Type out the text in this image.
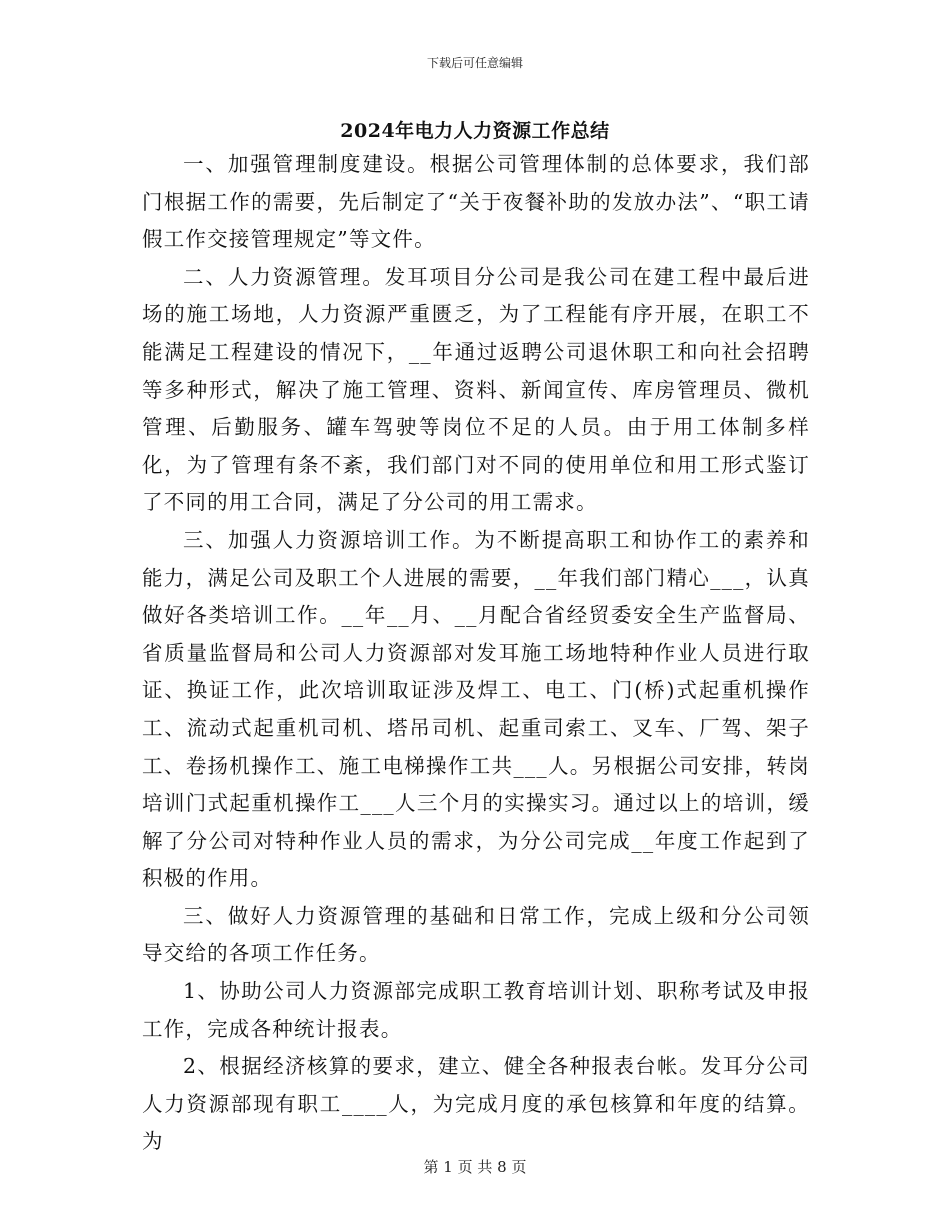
下载后可任意编辑
2024年电力人力资源工作总结

一、加强管理制度建设。根据公司管理体制的总体要求，我们部门根据工作的需要，先后制定了“关于夜餐补助的发放办法”、“职工请假工作交接管理规定”等文件。

二、人力资源管理。发耳项目分公司是我公司在建工程中最后进场的施工场地，人力资源严重匮乏，为了工程能有序开展，在职工不能满足工程建设的情况下，__年通过返聘公司退休职工和向社会招聘等多种形式，解决了施工管理、资料、新闻宣传、库房管理员、微机管理、后勤服务、罐车驾驶等岗位不足的人员。由于用工体制多样化，为了管理有条不紊，我们部门对不同的使用单位和用工形式鉴订了不同的用工合同，满足了分公司的用工需求。

三、加强人力资源培训工作。为不断提高职工和协作工的素养和能力，满足公司及职工个人进展的需要，__年我们部门精心___，认真做好各类培训工作。__年__月、__月配合省经贸委安全生产监督局、省质量监督局和公司人力资源部对发耳施工场地特种作业人员进行取证、换证工作，此次培训取证涉及焊工、电工、门(桥)式起重机操作工、流动式起重机司机、塔吊司机、起重司索工、叉车、厂驾、架子工、卷扬机操作工、施工电梯操作工共___人。另根据公司安排，转岗培训门式起重机操作工___人三个月的实操实习。通过以上的培训，缓解了分公司对特种作业人员的需求，为分公司完成__年度工作起到了积极的作用。

三、做好人力资源管理的基础和日常工作，完成上级和分公司领导交给的各项工作任务。

1、协助公司人力资源部完成职工教育培训计划、职称考试及申报工作，完成各种统计报表。

2、根据经济核算的要求，建立、健全各种报表台帐。发耳分公司人力资源部现有职工____人，为完成月度的承包核算和年度的结算。为

第 1 页 共 8 页
